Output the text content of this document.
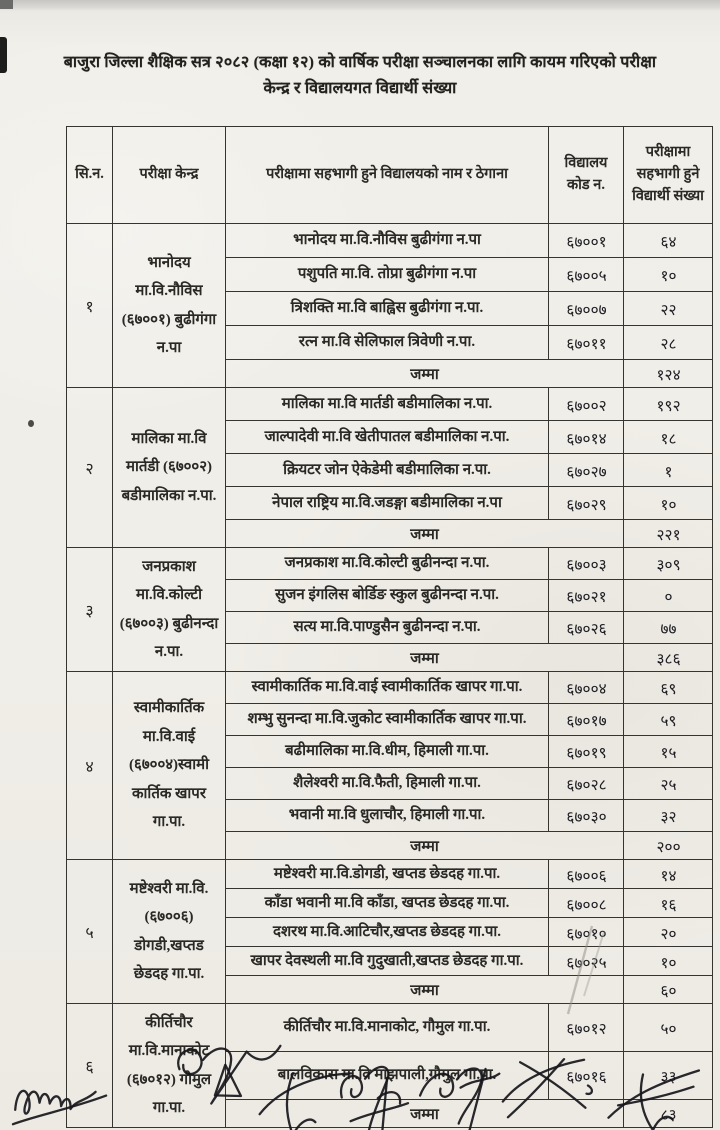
बाजुरा जिल्ला शैक्षिक सत्र २०८२ (कक्षा १२) को वार्षिक परीक्षा सञ्चालनका लागि कायम गरिएको परीक्षा
केन्द्र र विद्यालयगत विद्यार्थी संख्या
सि.न.	परीक्षा केन्द्र	परीक्षामा सहभागी हुने विद्यालयको नाम र ठेगाना	विद्यालय कोड न.	परीक्षामा सहभागी हुने विद्यार्थी संख्या
१	भानोदय मा.वि.नौविस (६७००१) बुढीगंगा न.पा	भानोदय मा.वि.नौविस बुढीगंगा न.पा	६७००१	६४
		पशुपति मा.वि. तोप्रा बुढीगंगा न.पा	६७००५	१०
		त्रिशक्ति मा.वि बाह्विस बुढीगंगा न.पा.	६७००७	२२
		रत्न मा.वि सेलिफाल त्रिवेणी न.पा.	६७०११	२८
		जम्मा		१२४
२	मालिका मा.वि मार्तडी (६७००२) बडीमालिका न.पा.	मालिका मा.वि मार्तडी बडीमालिका न.पा.	६७००२	१९२
		जाल्पादेवी मा.वि खेतीपातल बडीमालिका न.पा.	६७०१४	१८
		क्रियटर जोन ऐकेडेमी बडीमालिका न.पा.	६७०२७	१
		नेपाल राष्ट्रिय मा.वि.जडङ्गा बडीमालिका न.पा	६७०२९	१०
		जम्मा		२२१
३	जनप्रकाश मा.वि.कोल्टी (६७००३) बुढीनन्दा न.पा.	जनप्रकाश मा.वि.कोल्टी बुढीनन्दा न.पा.	६७००३	३०९
		सुजन इंगलिस बोर्डिङ स्कुल बुढीनन्दा न.पा.	६७०२१	०
		सत्य मा.वि.पाण्डुसैन बुढीनन्दा न.पा.	६७०२६	७७
		जम्मा		३८६
४	स्वामीकार्तिक मा.वि.वाई (६७००४)स्वामी कार्तिक खापर गा.पा.	स्वामीकार्तिक मा.वि.वाई स्वामीकार्तिक खापर गा.पा.	६७००४	६९
		शम्भु सुनन्दा मा.वि.जुकोट स्वामीकार्तिक खापर गा.पा.	६७०१७	५९
		बढीमालिका मा.वि.धीम, हिमाली गा.पा.	६७०१९	१५
		शैलेश्वरी मा.वि.फैती, हिमाली गा.पा.	६७०२८	२५
		भवानी मा.वि धुलाचौर, हिमाली गा.पा.	६७०३०	३२
		जम्मा		२००
५	मष्टेश्वरी मा.वि. (६७००६) डोगडी,खप्तड छेडदह गा.पा.	मष्टेश्वरी मा.वि.डोगडी, खप्तड छेडदह गा.पा.	६७००६	१४
		काँडा भवानी मा.वि काँडा, खप्तड छेडदह गा.पा.	६७००८	१६
		दशरथ मा.वि.आटिचौर,खप्तड छेडदह गा.पा.	६७०१०	२०
		खापर देवस्थली मा.वि गुदुखाती,खप्तड छेडदह गा.पा.	६७०२५	१०
		जम्मा		६०
६	कीर्तिचौर मा.वि.मानाकोट (६७०१२) गौमुल गा.पा.	कीर्तिचौर मा.वि.मानाकोट, गौमुल गा.पा.	६७०१२	५०
		बालविकास मा.वि माझपाली,गौमुल गा.पा.	६७०१६	३३
		जम्मा		८३
